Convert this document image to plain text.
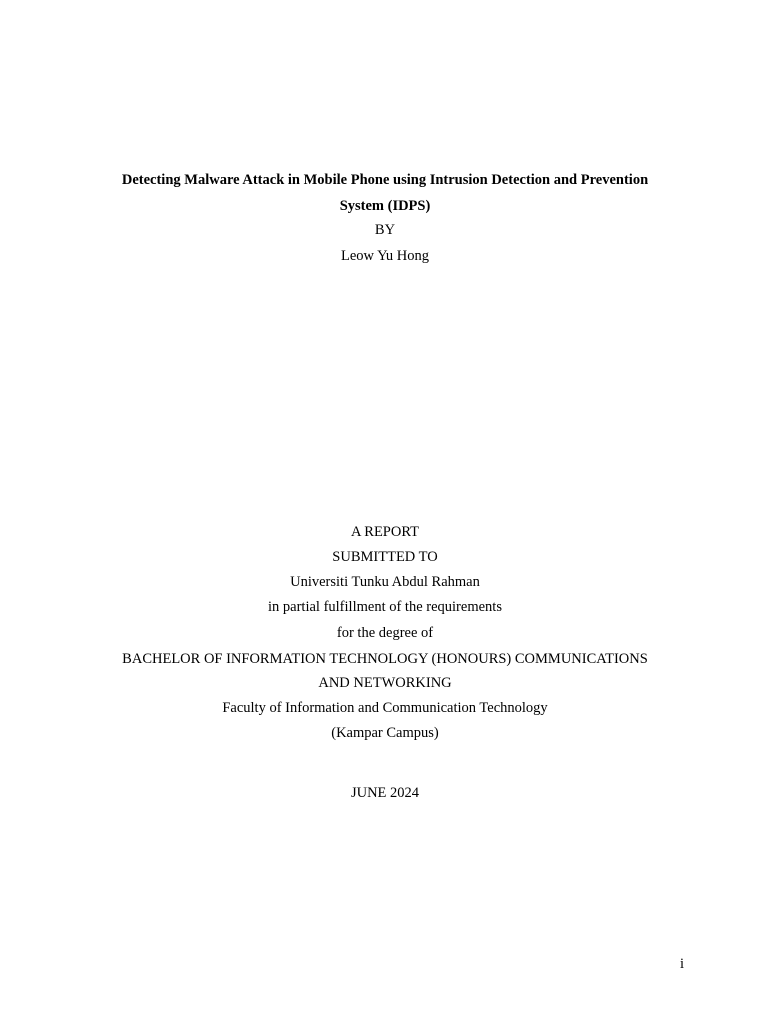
Detecting Malware Attack in Mobile Phone using Intrusion Detection and Prevention
System (IDPS)
BY
Leow Yu Hong
A REPORT
SUBMITTED TO
Universiti Tunku Abdul Rahman
in partial fulfillment of the requirements
for the degree of
BACHELOR OF INFORMATION TECHNOLOGY (HONOURS) COMMUNICATIONS
AND NETWORKING
Faculty of Information and Communication Technology
(Kampar Campus)
JUNE 2024
i
